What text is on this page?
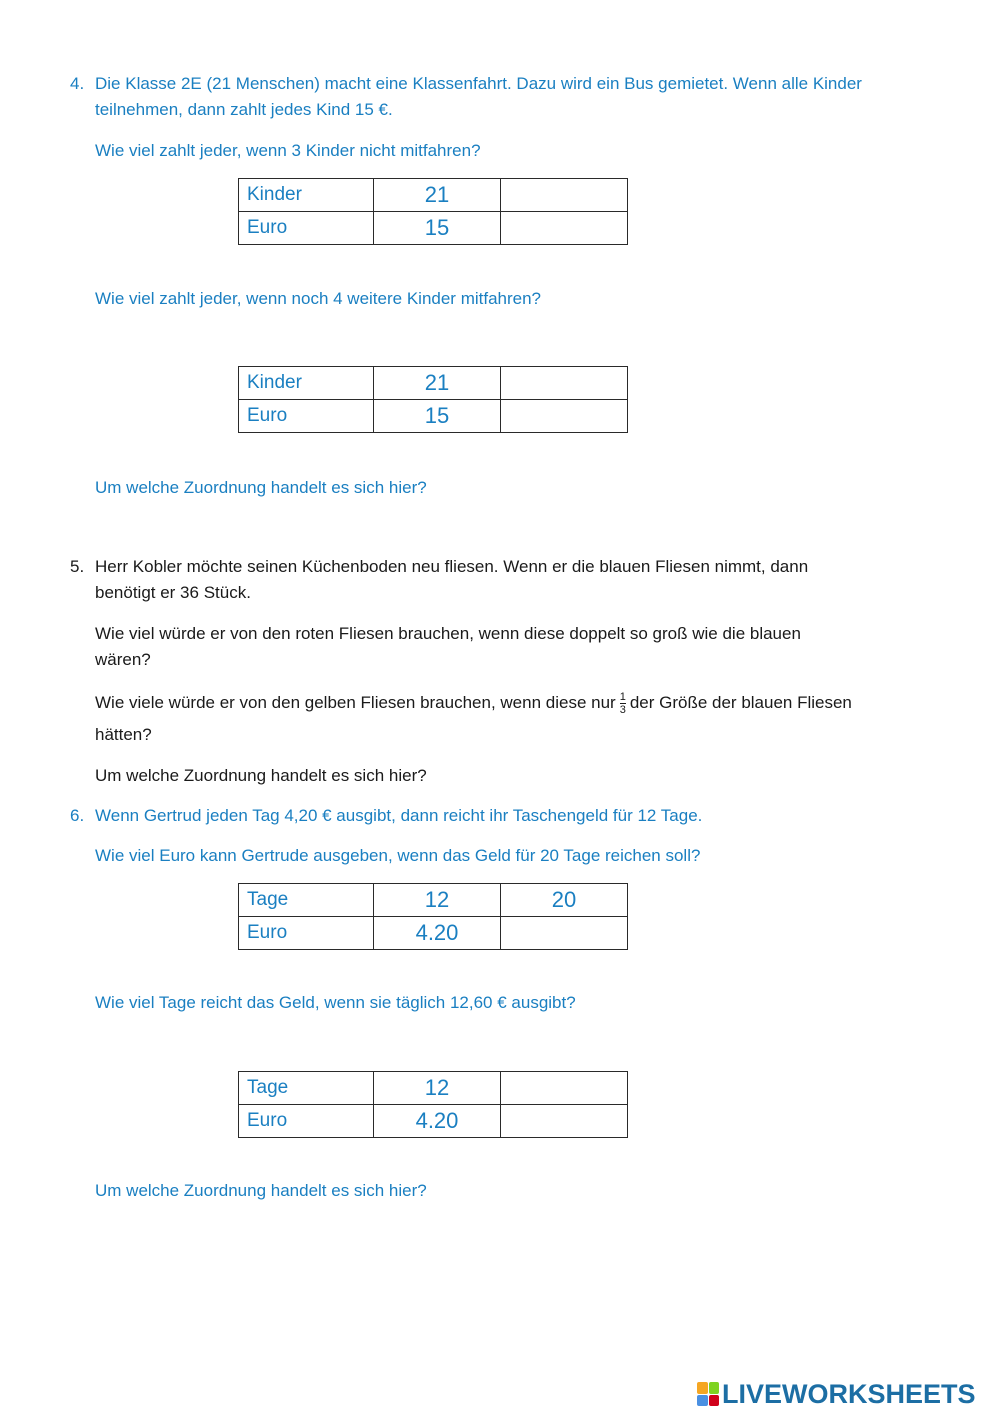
4. Die Klasse 2E (21 Menschen) macht eine Klassenfahrt. Dazu wird ein Bus gemietet. Wenn alle Kinder
teilnehmen, dann zahlt jedes Kind 15 €.
Wie viel zahlt jeder, wenn 3 Kinder nicht mitfahren?
Kinder	21	
Euro	15	
Wie viel zahlt jeder, wenn noch 4 weitere Kinder mitfahren?
Kinder	21	
Euro	15	
Um welche Zuordnung handelt es sich hier?
5. Herr Kobler möchte seinen Küchenboden neu fliesen. Wenn er die blauen Fliesen nimmt, dann
benötigt er 36 Stück.
Wie viel würde er von den roten Fliesen brauchen, wenn diese doppelt so groß wie die blauen
wären?
Wie viele würde er von den gelben Fliesen brauchen, wenn diese nur $\frac{1}{3}$ der Größe der blauen Fliesen
hätten?
Um welche Zuordnung handelt es sich hier?
6. Wenn Gertrud jeden Tag 4,20 € ausgibt, dann reicht ihr Taschengeld für 12 Tage.
Wie viel Euro kann Gertrude ausgeben, wenn das Geld für 20 Tage reichen soll?
Tage	12	20
Euro	4.20	
Wie viel Tage reicht das Geld, wenn sie täglich 12,60 € ausgibt?
Tage	12	
Euro	4.20	
Um welche Zuordnung handelt es sich hier?
LIVEWORKSHEETS
